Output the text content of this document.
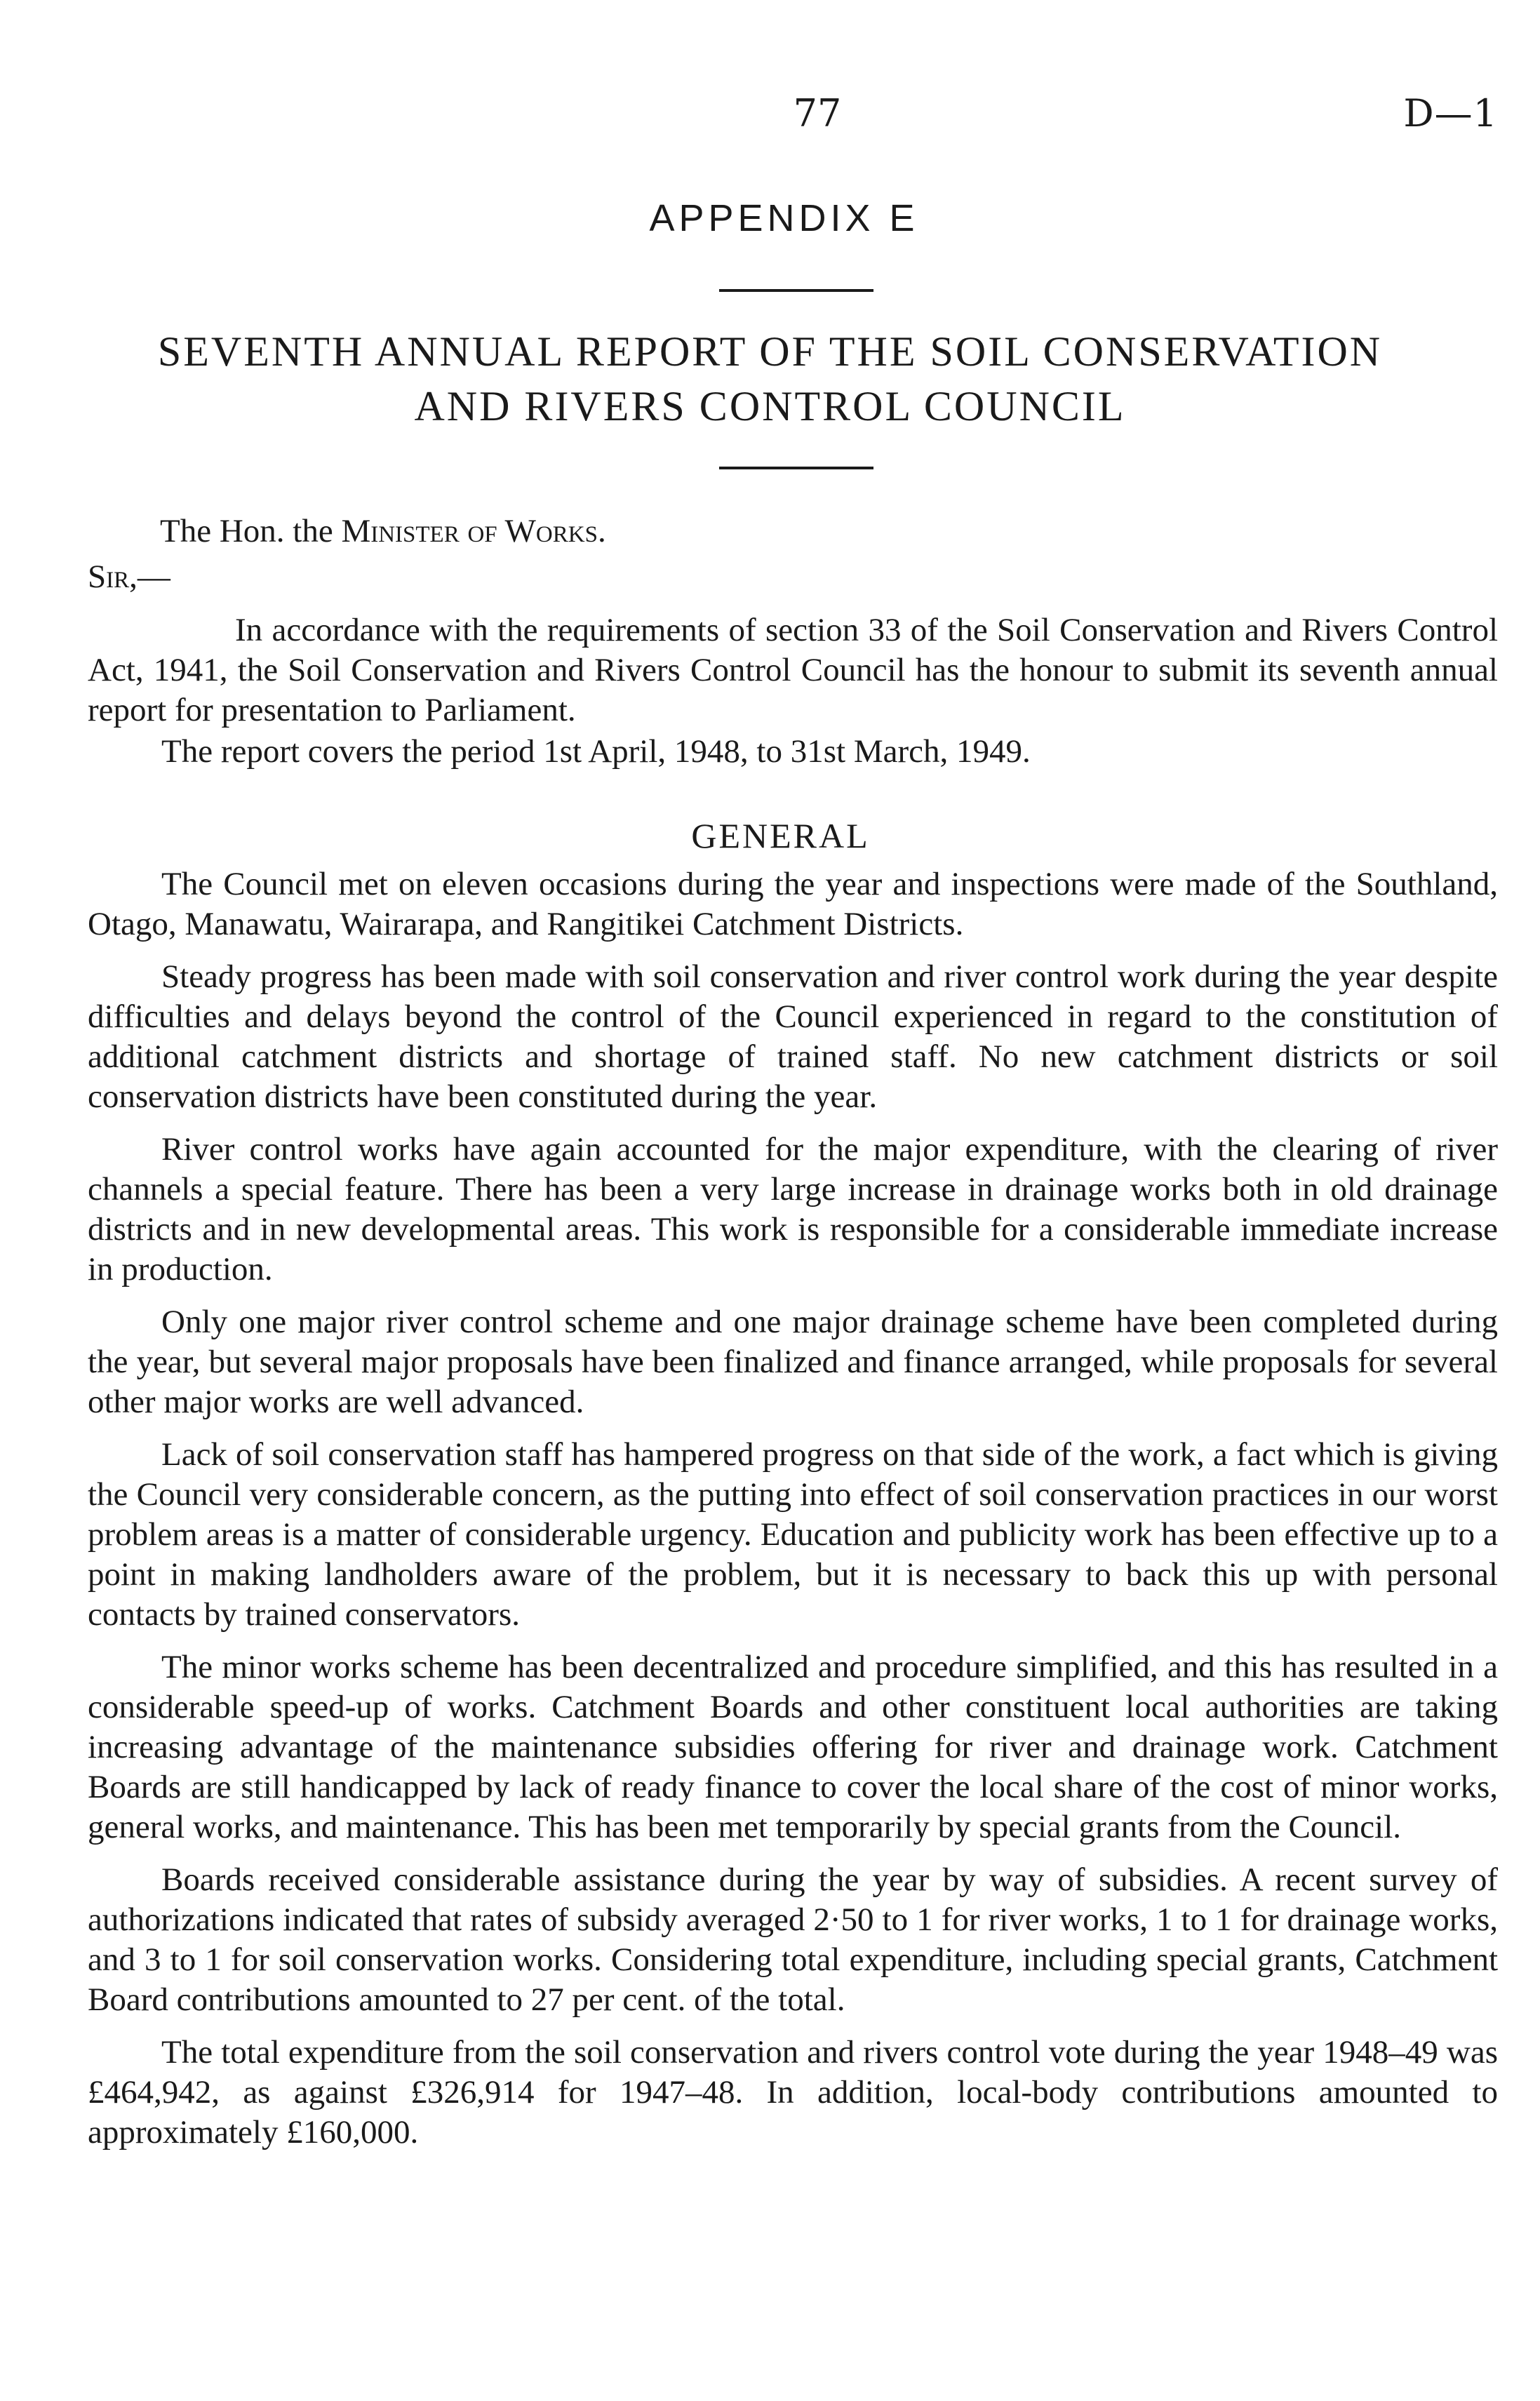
77	D—1
APPENDIX E
SEVENTH ANNUAL REPORT OF THE SOIL CONSERVATION
AND RIVERS CONTROL COUNCIL
The Hon. the Minister of Works.
Sir,—

In accordance with the requirements of section 33 of the Soil Conservation and Rivers Control Act, 1941, the Soil Conservation and Rivers Control Council has the honour to submit its seventh annual report for presentation to Parliament.

The report covers the period 1st April, 1948, to 31st March, 1949.

GENERAL

The Council met on eleven occasions during the year and inspections were made of the Southland, Otago, Manawatu, Wairarapa, and Rangitikei Catchment Districts.

Steady progress has been made with soil conservation and river control work during the year despite difficulties and delays beyond the control of the Council experienced in regard to the constitution of additional catchment districts and shortage of trained staff. No new catchment districts or soil conservation districts have been constituted during the year.

River control works have again accounted for the major expenditure, with the clearing of river channels a special feature. There has been a very large increase in drainage works both in old drainage districts and in new developmental areas. This work is responsible for a considerable immediate increase in production.

Only one major river control scheme and one major drainage scheme have been completed during the year, but several major proposals have been finalized and finance arranged, while proposals for several other major works are well advanced.

Lack of soil conservation staff has hampered progress on that side of the work, a fact which is giving the Council very considerable concern, as the putting into effect of soil conservation practices in our worst problem areas is a matter of considerable urgency. Education and publicity work has been effective up to a point in making landholders aware of the problem, but it is necessary to back this up with personal contacts by trained conservators.

The minor works scheme has been decentralized and procedure simplified, and this has resulted in a considerable speed-up of works. Catchment Boards and other constituent local authorities are taking increasing advantage of the maintenance subsidies offering for river and drainage work. Catchment Boards are still handicapped by lack of ready finance to cover the local share of the cost of minor works, general works, and maintenance. This has been met temporarily by special grants from the Council.

Boards received considerable assistance during the year by way of subsidies. A recent survey of authorizations indicated that rates of subsidy averaged 2·50 to 1 for river works, 1 to 1 for drainage works, and 3 to 1 for soil conservation works. Considering total expenditure, including special grants, Catchment Board contributions amounted to 27 per cent. of the total.

The total expenditure from the soil conservation and rivers control vote during the year 1948–49 was £464,942, as against £326,914 for 1947–48. In addition, local-body contributions amounted to approximately £160,000.
